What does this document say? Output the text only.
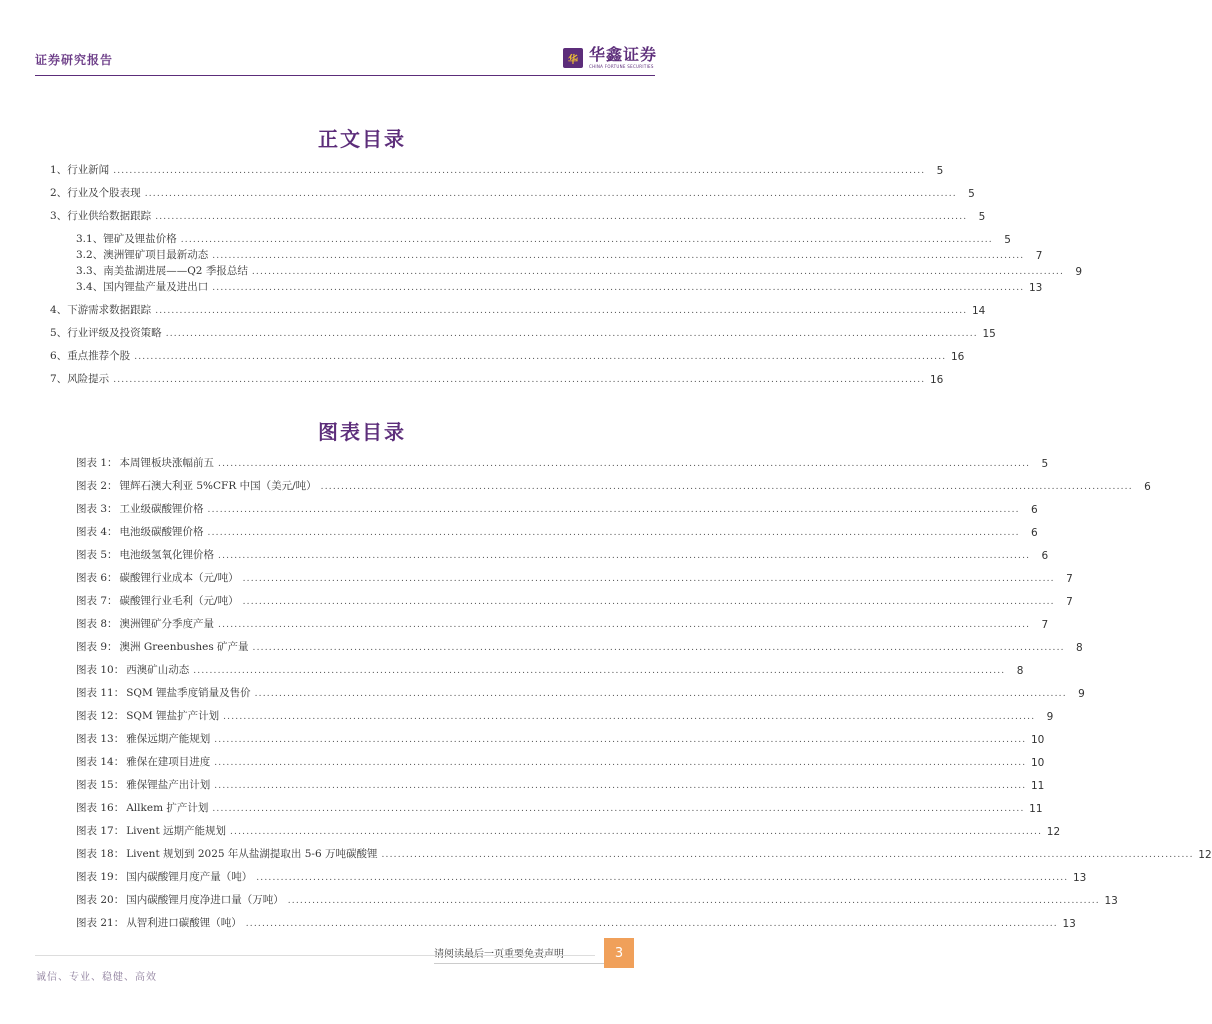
证券研究报告	华 华鑫证券
CHINA FORTUNE SECURITIES
正文目录
1、 行业新闻 ........................................................................................................................................................................................................	5
2、 行业及个股表现 ........................................................................................................................................................................................................	5
3、 行业供给数据跟踪 ........................................................................................................................................................................................................	5
3.1、 锂矿及锂盐价格 ........................................................................................................................................................................................................	5
3.2、 澳洲锂矿项目最新动态 ........................................................................................................................................................................................................	7
3.3、 南美盐湖进展——Q2 季报总结 ........................................................................................................................................................................................................	9
3.4、 国内锂盐产量及进出口 ........................................................................................................................................................................................................ 13
4、 下游需求数据跟踪 ........................................................................................................................................................................................................ 14
5、 行业评级及投资策略 ........................................................................................................................................................................................................ 15
6、 重点推荐个股 ........................................................................................................................................................................................................ 16
7、 风险提示 ........................................................................................................................................................................................................ 16
图表目录
图表 1： 本周锂板块涨幅前五 ........................................................................................................................................................................................................	5
图表 2： 锂辉石澳大利亚 5%CFR 中国（美元/吨） ........................................................................................................................................................................................................	6
图表 3： 工业级碳酸锂价格 ........................................................................................................................................................................................................	6
图表 4： 电池级碳酸锂价格 ........................................................................................................................................................................................................	6
图表 5： 电池级氢氧化锂价格 ........................................................................................................................................................................................................	6
图表 6： 碳酸锂行业成本（元/吨） ........................................................................................................................................................................................................	7
图表 7： 碳酸锂行业毛利（元/吨） ........................................................................................................................................................................................................	7
图表 8： 澳洲锂矿分季度产量 ........................................................................................................................................................................................................	7
图表 9： 澳洲 Greenbushes 矿产量 ........................................................................................................................................................................................................	8
图表 10： 西澳矿山动态 ........................................................................................................................................................................................................	8
图表 11： SQM 锂盐季度销量及售价 ........................................................................................................................................................................................................	9
图表 12： SQM 锂盐扩产计划 ........................................................................................................................................................................................................	9
图表 13： 雅保远期产能规划 ........................................................................................................................................................................................................ 10
图表 14： 雅保在建项目进度 ........................................................................................................................................................................................................ 10
图表 15： 雅保锂盐产出计划 ........................................................................................................................................................................................................ 11
图表 16： Allkem 扩产计划 ........................................................................................................................................................................................................ 11
图表 17： Livent 远期产能规划 ........................................................................................................................................................................................................ 12
图表 18： Livent 规划到 2025 年从盐湖提取出 5-6 万吨碳酸锂 ........................................................................................................................................................................................................ 12
图表 19： 国内碳酸锂月度产量（吨） ........................................................................................................................................................................................................ 13
图表 20： 国内碳酸锂月度净进口量（万吨） ........................................................................................................................................................................................................ 13
图表 21： 从智利进口碳酸锂（吨） ........................................................................................................................................................................................................ 13
3
诚信、专业、稳健、高效
